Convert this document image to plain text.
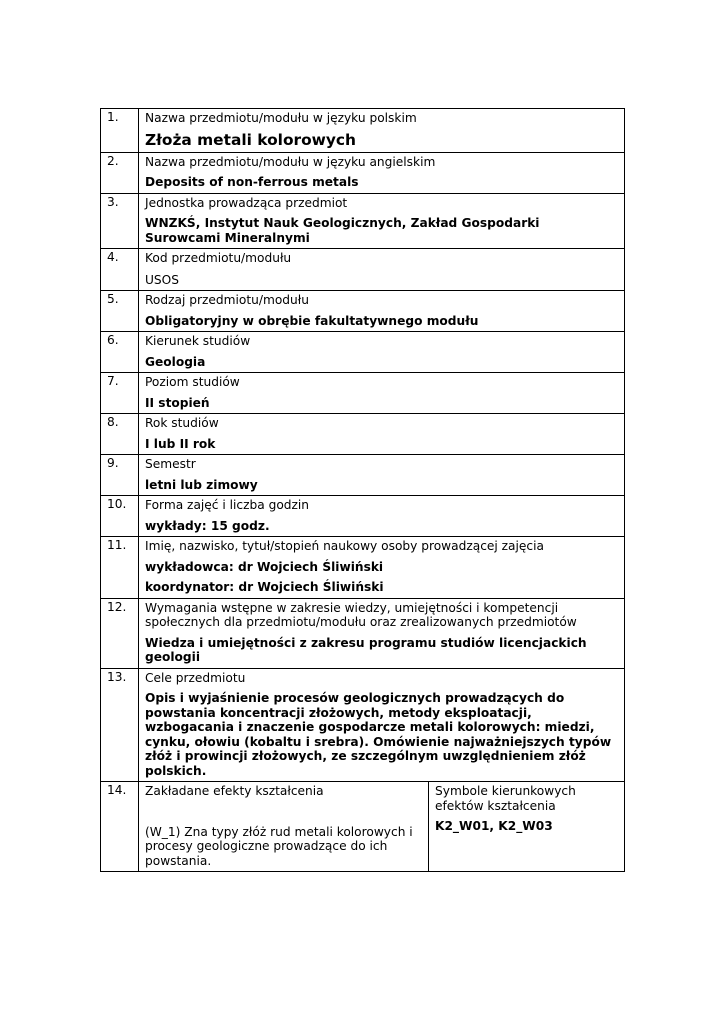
1.	Nazwa przedmiotu/modułu w języku polskim
Złoża metali kolorowych	

2.	Nazwa przedmiotu/modułu w języku angielskim
Deposits of non-ferrous metals	

3.	Jednostka prowadząca przedmiot
WNZKŚ, Instytut Nauk Geologicznych, Zakład Gospodarki Surowcami Mineralnymi	

4.	Kod przedmiotu/modułu
USOS	

5.	Rodzaj przedmiotu/modułu
Obligatoryjny w obrębie fakultatywnego modułu	

6.	Kierunek studiów
Geologia	

7.	Poziom studiów
II stopień	

8.	Rok studiów
I lub II rok	

9.	Semestr
letni lub zimowy	

10.	Forma zajęć i liczba godzin
wykłady: 15 godz.	

11.	Imię, nazwisko, tytuł/stopień naukowy osoby prowadzącej zajęcia
wykładowca: dr Wojciech Śliwiński
koordynator: dr Wojciech Śliwiński	

12.	Wymagania wstępne w zakresie wiedzy, umiejętności i kompetencji społecznych dla przedmiotu/modułu oraz zrealizowanych przedmiotów
Wiedza i umiejętności z zakresu programu studiów licencjackich geologii	

13.	Cele przedmiotu
Opis i wyjaśnienie procesów geologicznych prowadzących do powstania koncentracji złożowych, metody eksploatacji, wzbogacania i znaczenie gospodarcze metali kolorowych: miedzi, cynku, ołowiu (kobaltu i srebra). Omówienie najważniejszych typów złóż i prowincji złożowych, ze szczególnym uwzględnieniem złóż polskich.	

14.	Zakładane efekty kształcenia
(W_1) Zna typy złóż rud metali kolorowych i procesy geologiczne prowadzące do ich powstania.	Symbole kierunkowych efektów kształcenia
K2_W01, K2_W03
